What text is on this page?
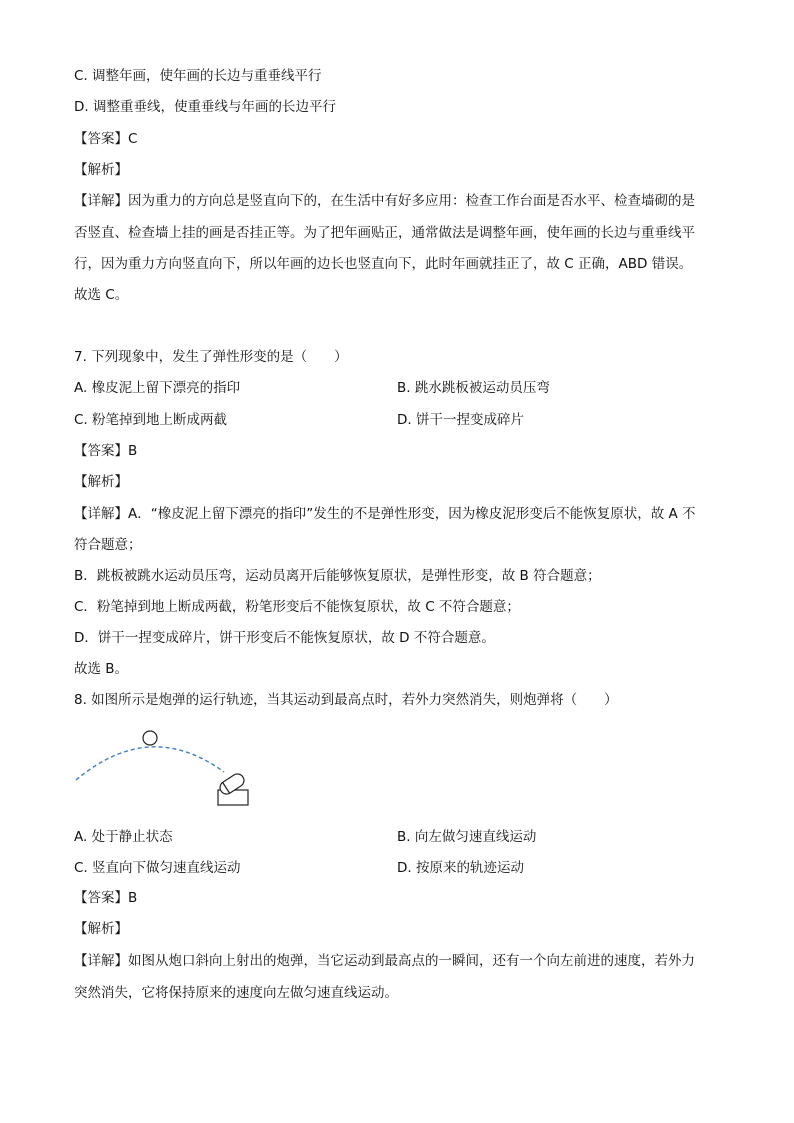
C. 调整年画，使年画的长边与重垂线平行
D. 调整重垂线，使重垂线与年画的长边平行
【答案】C
【解析】
【详解】因为重力的方向总是竖直向下的，在生活中有好多应用：检查工作台面是否水平、检查墙砌的是
否竖直、检查墙上挂的画是否挂正等。为了把年画贴正，通常做法是调整年画，使年画的长边与重垂线平
行，因为重力方向竖直向下，所以年画的边长也竖直向下，此时年画就挂正了，故 C 正确，ABD 错误。
故选 C。
7. 下列现象中，发生了弹性形变的是（　　）
A. 橡皮泥上留下漂亮的指印	B. 跳水跳板被运动员压弯
C. 粉笔掉到地上断成两截	D. 饼干一捏变成碎片
【答案】B
【解析】
【详解】A．“橡皮泥上留下漂亮的指印”发生的不是弹性形变，因为橡皮泥形变后不能恢复原状，故 A 不
符合题意；
B．跳板被跳水运动员压弯，运动员离开后能够恢复原状，是弹性形变，故 B 符合题意；
C．粉笔掉到地上断成两截，粉笔形变后不能恢复原状，故 C 不符合题意；
D．饼干一捏变成碎片，饼干形变后不能恢复原状，故 D 不符合题意。
故选 B。
8. 如图所示是炮弹的运行轨迹，当其运动到最高点时，若外力突然消失，则炮弹将（　　）
A. 处于静止状态	B. 向左做匀速直线运动
C. 竖直向下做匀速直线运动	D. 按原来的轨迹运动
【答案】B
【解析】
【详解】如图从炮口斜向上射出的炮弹，当它运动到最高点的一瞬间，还有一个向左前进的速度，若外力
突然消失，它将保持原来的速度向左做匀速直线运动。
